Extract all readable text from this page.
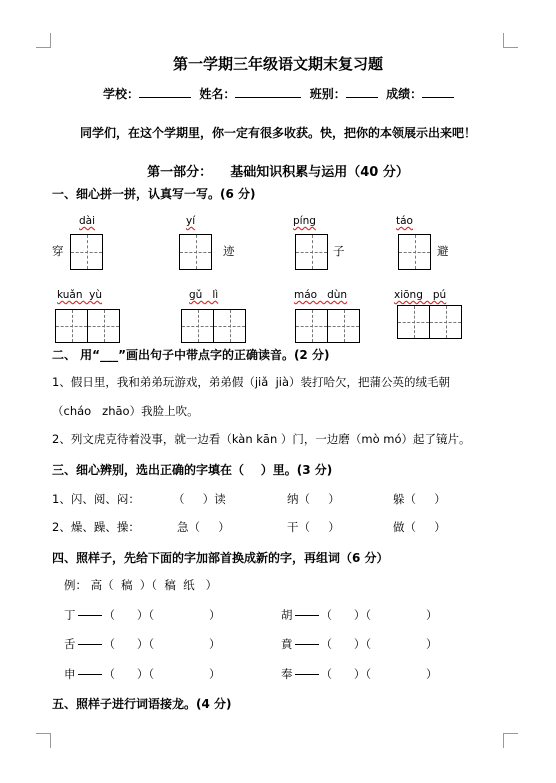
第一学期三年级语文期末复习题
学校：	姓名：	班别：	成绩：
同学们，在这个学期里，你一定有很多收获。快，把你的本领展示出来吧！
第一部分：    基础知识积累与运用（40 分）
一、细心拼一拼，认真写一写。(6 分)
dài	yí	píng	táo
穿	迹	子	避
kuǎn  yù	gǔ   lì	máo   dùn	xiōng   pú
二、 用“___”画出句子中带点字的正确读音。(2 分)
1、假日里，我和弟弟玩游戏，弟弟假（jiǎ  jià）装打哈欠，把蒲公英的绒毛朝
（cháo   zhāo）我脸上吹。
2、列文虎克待着没事，就一边看（kàn kān ）门，一边磨（mò mó）起了镜片。
三、细心辨别，选出正确的字填在（    ）里。(3 分)
1、闪、阅、闷：	（     ）读	纳（     ）	躲（     ）
2、燥、躁、操：	急（     ）	干（     ）	做（     ）
四、照样子，先给下面的字加部首换成新的字，再组词（6 分）
例： 高（  稿  ）（  稿  纸   ）
丁 （      ）（               ）	胡 （      ）（               ）
舌 （      ）（               ）	賁 （      ）（               ）
申 （      ）（               ）	奉 （      ）（               ）
五、照样子进行词语接龙。(4 分)
